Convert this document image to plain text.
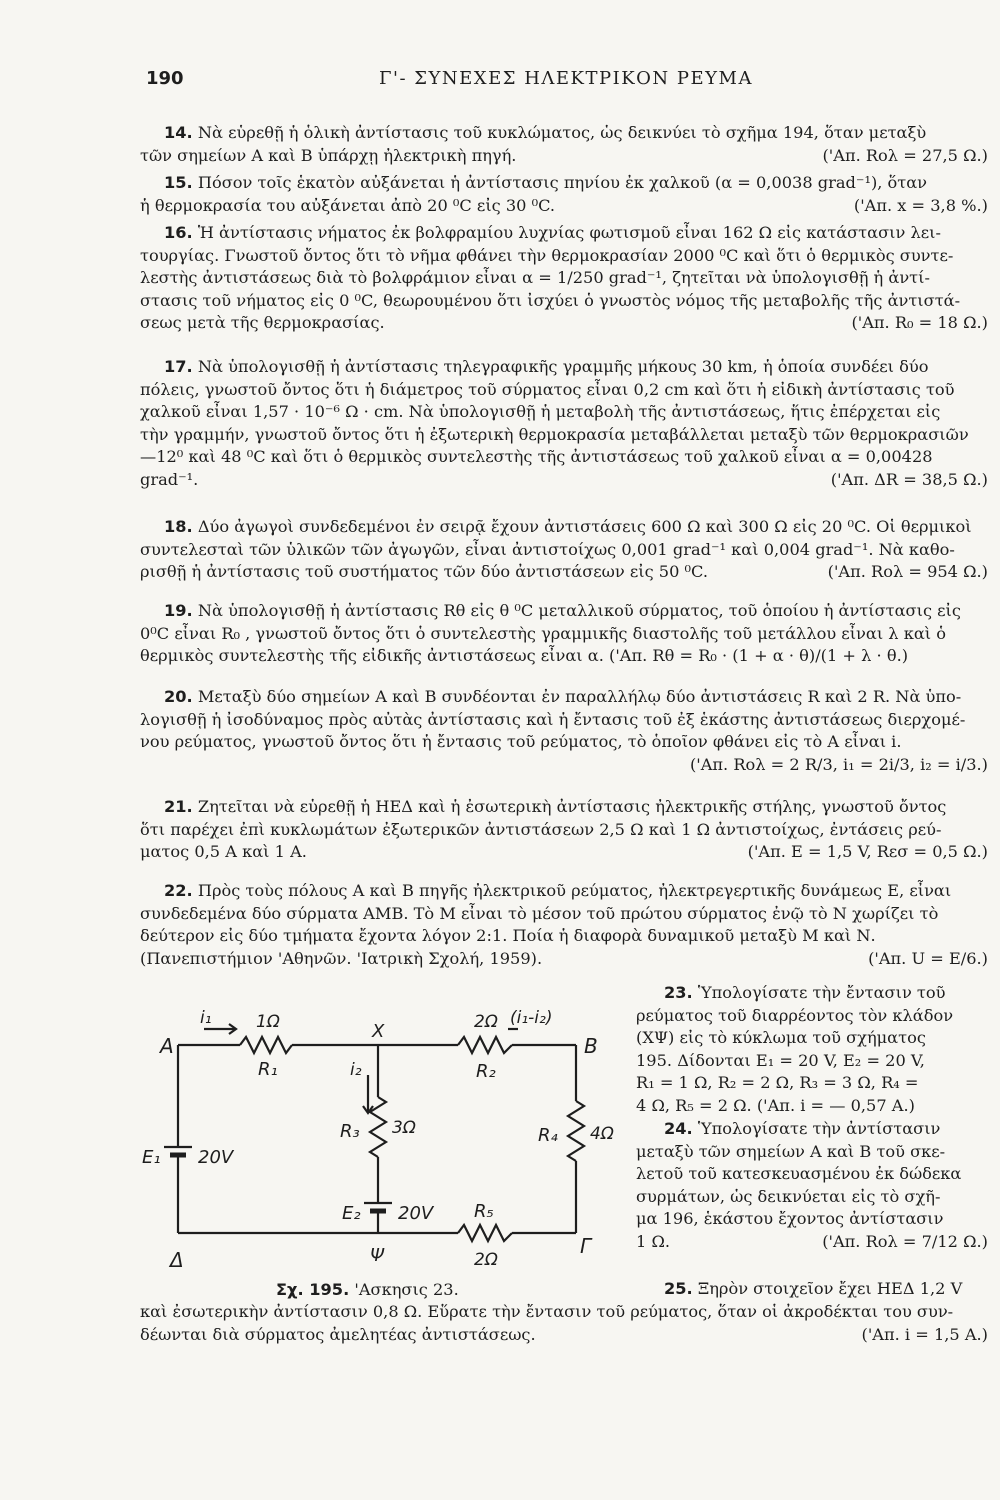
190	Γ'- ΣΥΝΕΧΕΣ ΗΛΕΚΤΡΙΚΟΝ ΡΕΥΜΑ
14. Νὰ εὑρεθῇ ἡ ὁλικὴ ἀντίστασις τοῦ κυκλώματος, ὡς δεικνύει τὸ σχῆμα 194, ὅταν μεταξὺ
τῶν σημείων Α καὶ Β ὑπάρχῃ ἠλεκτρικὴ πηγή.	('Απ. Rολ = 27,5 Ω.)
15. Πόσον τοῖς ἑκατὸν αὐξάνεται ἡ ἀντίστασις πηνίου ἐκ χαλκοῦ (α = 0,0038 grad⁻¹), ὅταν
ἡ θερμοκρασία του αὐξάνεται ἀπὸ 20 ⁰C εἰς 30 ⁰C.	('Απ. x = 3,8 %.)
16. Ἡ ἀντίστασις νήματος ἐκ βολφραμίου λυχνίας φωτισμοῦ εἶναι 162 Ω εἰς κατάστασιν λει-
τουργίας. Γνωστοῦ ὄντος ὅτι τὸ νῆμα φθάνει τὴν θερμοκρασίαν 2000 ⁰C καὶ ὅτι ὁ θερμικὸς συντε-
λεστὴς ἀντιστάσεως διὰ τὸ βολφράμιον εἶναι α = 1/250 grad⁻¹, ζητεῖται νὰ ὑπολογισθῇ ἡ ἀντί-
στασις τοῦ νήματος εἰς 0 ⁰C, θεωρουμένου ὅτι ἰσχύει ὁ γνωστὸς νόμος τῆς μεταβολῆς τῆς ἀντιστά-
σεως μετὰ τῆς θερμοκρασίας.	('Απ. R₀ = 18 Ω.)
17. Νὰ ὑπολογισθῇ ἡ ἀντίστασις τηλεγραφικῆς γραμμῆς μήκους 30 km, ἡ ὁποία συνδέει δύο
πόλεις, γνωστοῦ ὄντος ὅτι ἡ διάμετρος τοῦ σύρματος εἶναι 0,2 cm καὶ ὅτι ἡ εἰδικὴ ἀντίστασις τοῦ
χαλκοῦ εἶναι 1,57 · 10⁻⁶ Ω · cm. Νὰ ὑπολογισθῇ ἡ μεταβολὴ τῆς ἀντιστάσεως, ἥτις ἐπέρχεται εἰς
τὴν γραμμήν, γνωστοῦ ὄντος ὅτι ἡ ἐξωτερικὴ θερμοκρασία μεταβάλλεται μεταξὺ τῶν θερμοκρασιῶν
—12⁰ καὶ 48 ⁰C καὶ ὅτι ὁ θερμικὸς συντελεστὴς τῆς ἀντιστάσεως τοῦ χαλκοῦ εἶναι α = 0,00428
grad⁻¹.	('Απ. ΔR = 38,5 Ω.)
18. Δύο ἀγωγοὶ συνδεδεμένοι ἐν σειρᾷ ἔχουν ἀντιστάσεις 600 Ω καὶ 300 Ω εἰς 20 ⁰C. Οἱ θερμικοὶ
συντελεσταὶ τῶν ὑλικῶν τῶν ἀγωγῶν, εἶναι ἀντιστοίχως 0,001 grad⁻¹ καὶ 0,004 grad⁻¹. Νὰ καθο-
ρισθῇ ἡ ἀντίστασις τοῦ συστήματος τῶν δύο ἀντιστάσεων εἰς 50 ⁰C.	('Απ. Rολ = 954 Ω.)
19. Νὰ ὑπολογισθῇ ἡ ἀντίστασις Rθ εἰς θ ⁰C μεταλλικοῦ σύρματος, τοῦ ὁποίου ἡ ἀντίστασις εἰς
0⁰C εἶναι R₀ , γνωστοῦ ὄντος ὅτι ὁ συντελεστὴς γραμμικῆς διαστολῆς τοῦ μετάλλου εἶναι λ καὶ ὁ
θερμικὸς συντελεστὴς τῆς εἰδικῆς ἀντιστάσεως εἶναι α. ('Απ. Rθ = R₀ · (1 + α · θ)/(1 + λ · θ.)
20. Μεταξὺ δύο σημείων Α καὶ Β συνδέονται ἐν παραλλήλῳ δύο ἀντιστάσεις R καὶ 2 R. Νὰ ὑπο-
λογισθῇ ἡ ἰσοδύναμος πρὸς αὐτὰς ἀντίστασις καὶ ἡ ἔντασις τοῦ ἐξ ἑκάστης ἀντιστάσεως διερχομέ-
νου ρεύματος, γνωστοῦ ὄντος ὅτι ἡ ἔντασις τοῦ ρεύματος, τὸ ὁποῖον φθάνει εἰς τὸ Α εἶναι i.
('Απ. Rολ = 2 R/3, i₁ = 2i/3, i₂ = i/3.)

21. Ζητεῖται νὰ εὑρεθῇ ἡ ΗΕΔ καὶ ἡ ἐσωτερικὴ ἀντίστασις ἠλεκτρικῆς στήλης, γνωστοῦ ὄντος
ὅτι παρέχει ἐπὶ κυκλωμάτων ἐξωτερικῶν ἀντιστάσεων 2,5 Ω καὶ 1 Ω ἀντιστοίχως, ἐντάσεις ρεύ-
ματος 0,5 Α καὶ 1 Α.	('Απ. E = 1,5 V, Rεσ = 0,5 Ω.)
22. Πρὸς τοὺς πόλους Α καὶ Β πηγῆς ἠλεκτρικοῦ ρεύματος, ἠλεκτρεγερτικῆς δυνάμεως Ε, εἶναι
συνδεδεμένα δύο σύρματα ΑΜΒ. Τὸ Μ εἶναι τὸ μέσον τοῦ πρώτου σύρματος ἐνῷ τὸ Ν χωρίζει τὸ
δεύτερον εἰς δύο τμήματα ἔχοντα λόγον 2:1. Ποία ἡ διαφορὰ δυναμικοῦ μεταξὺ Μ καὶ Ν.
(Πανεπιστήμιον 'Αθηνῶν. 'Ιατρικὴ Σχολή, 1959).	('Απ. U = E/6.)
23. Ὑπολογίσατε τὴν ἔντασιν τοῦ
ρεύματος τοῦ διαρρέοντος τὸν κλάδον
(ΧΨ) εἰς τὸ κύκλωμα τοῦ σχήματος
195. Δίδονται E₁ = 20 V, E₂ = 20 V,
R₁ = 1 Ω, R₂ = 2 Ω, R₃ = 3 Ω, R₄ =
4 Ω, R₅ = 2 Ω. ('Απ. i = — 0,57 Α.)
24. Ὑπολογίσατε τὴν ἀντίστασιν
μεταξὺ τῶν σημείων Α καὶ Β τοῦ σκε-
λετοῦ τοῦ κατεσκευασμένου ἐκ δώδεκα
συρμάτων, ὡς δεικνύεται εἰς τὸ σχῆ-
μα 196, ἑκάστου ἔχοντος ἀντίστασιν
1 Ω.	('Απ. Rολ = 7/12 Ω.)
25. Ξηρὸν στοιχεῖον ἔχει ΗΕΔ 1,2 V
καὶ ἐσωτερικὴν ἀντίστασιν 0,8 Ω. Εὕρατε τὴν ἔντασιν τοῦ ρεύματος, ὅταν οἱ ἀκροδέκται του συν-
δέωνται διὰ σύρματος ἀμελητέας ἀντιστάσεως.	('Απ. i = 1,5 Α.)
A
X
B
Δ	Ψ	Γ
i₁
i₂
(i₁-i₂)
1Ω
R₁
2Ω
R₂
R₃ 3Ω	R₄ 4Ω
R₅
2Ω
E₁ 20V
E₂ 20V
Σχ. 195. 'Ασκησις 23.
